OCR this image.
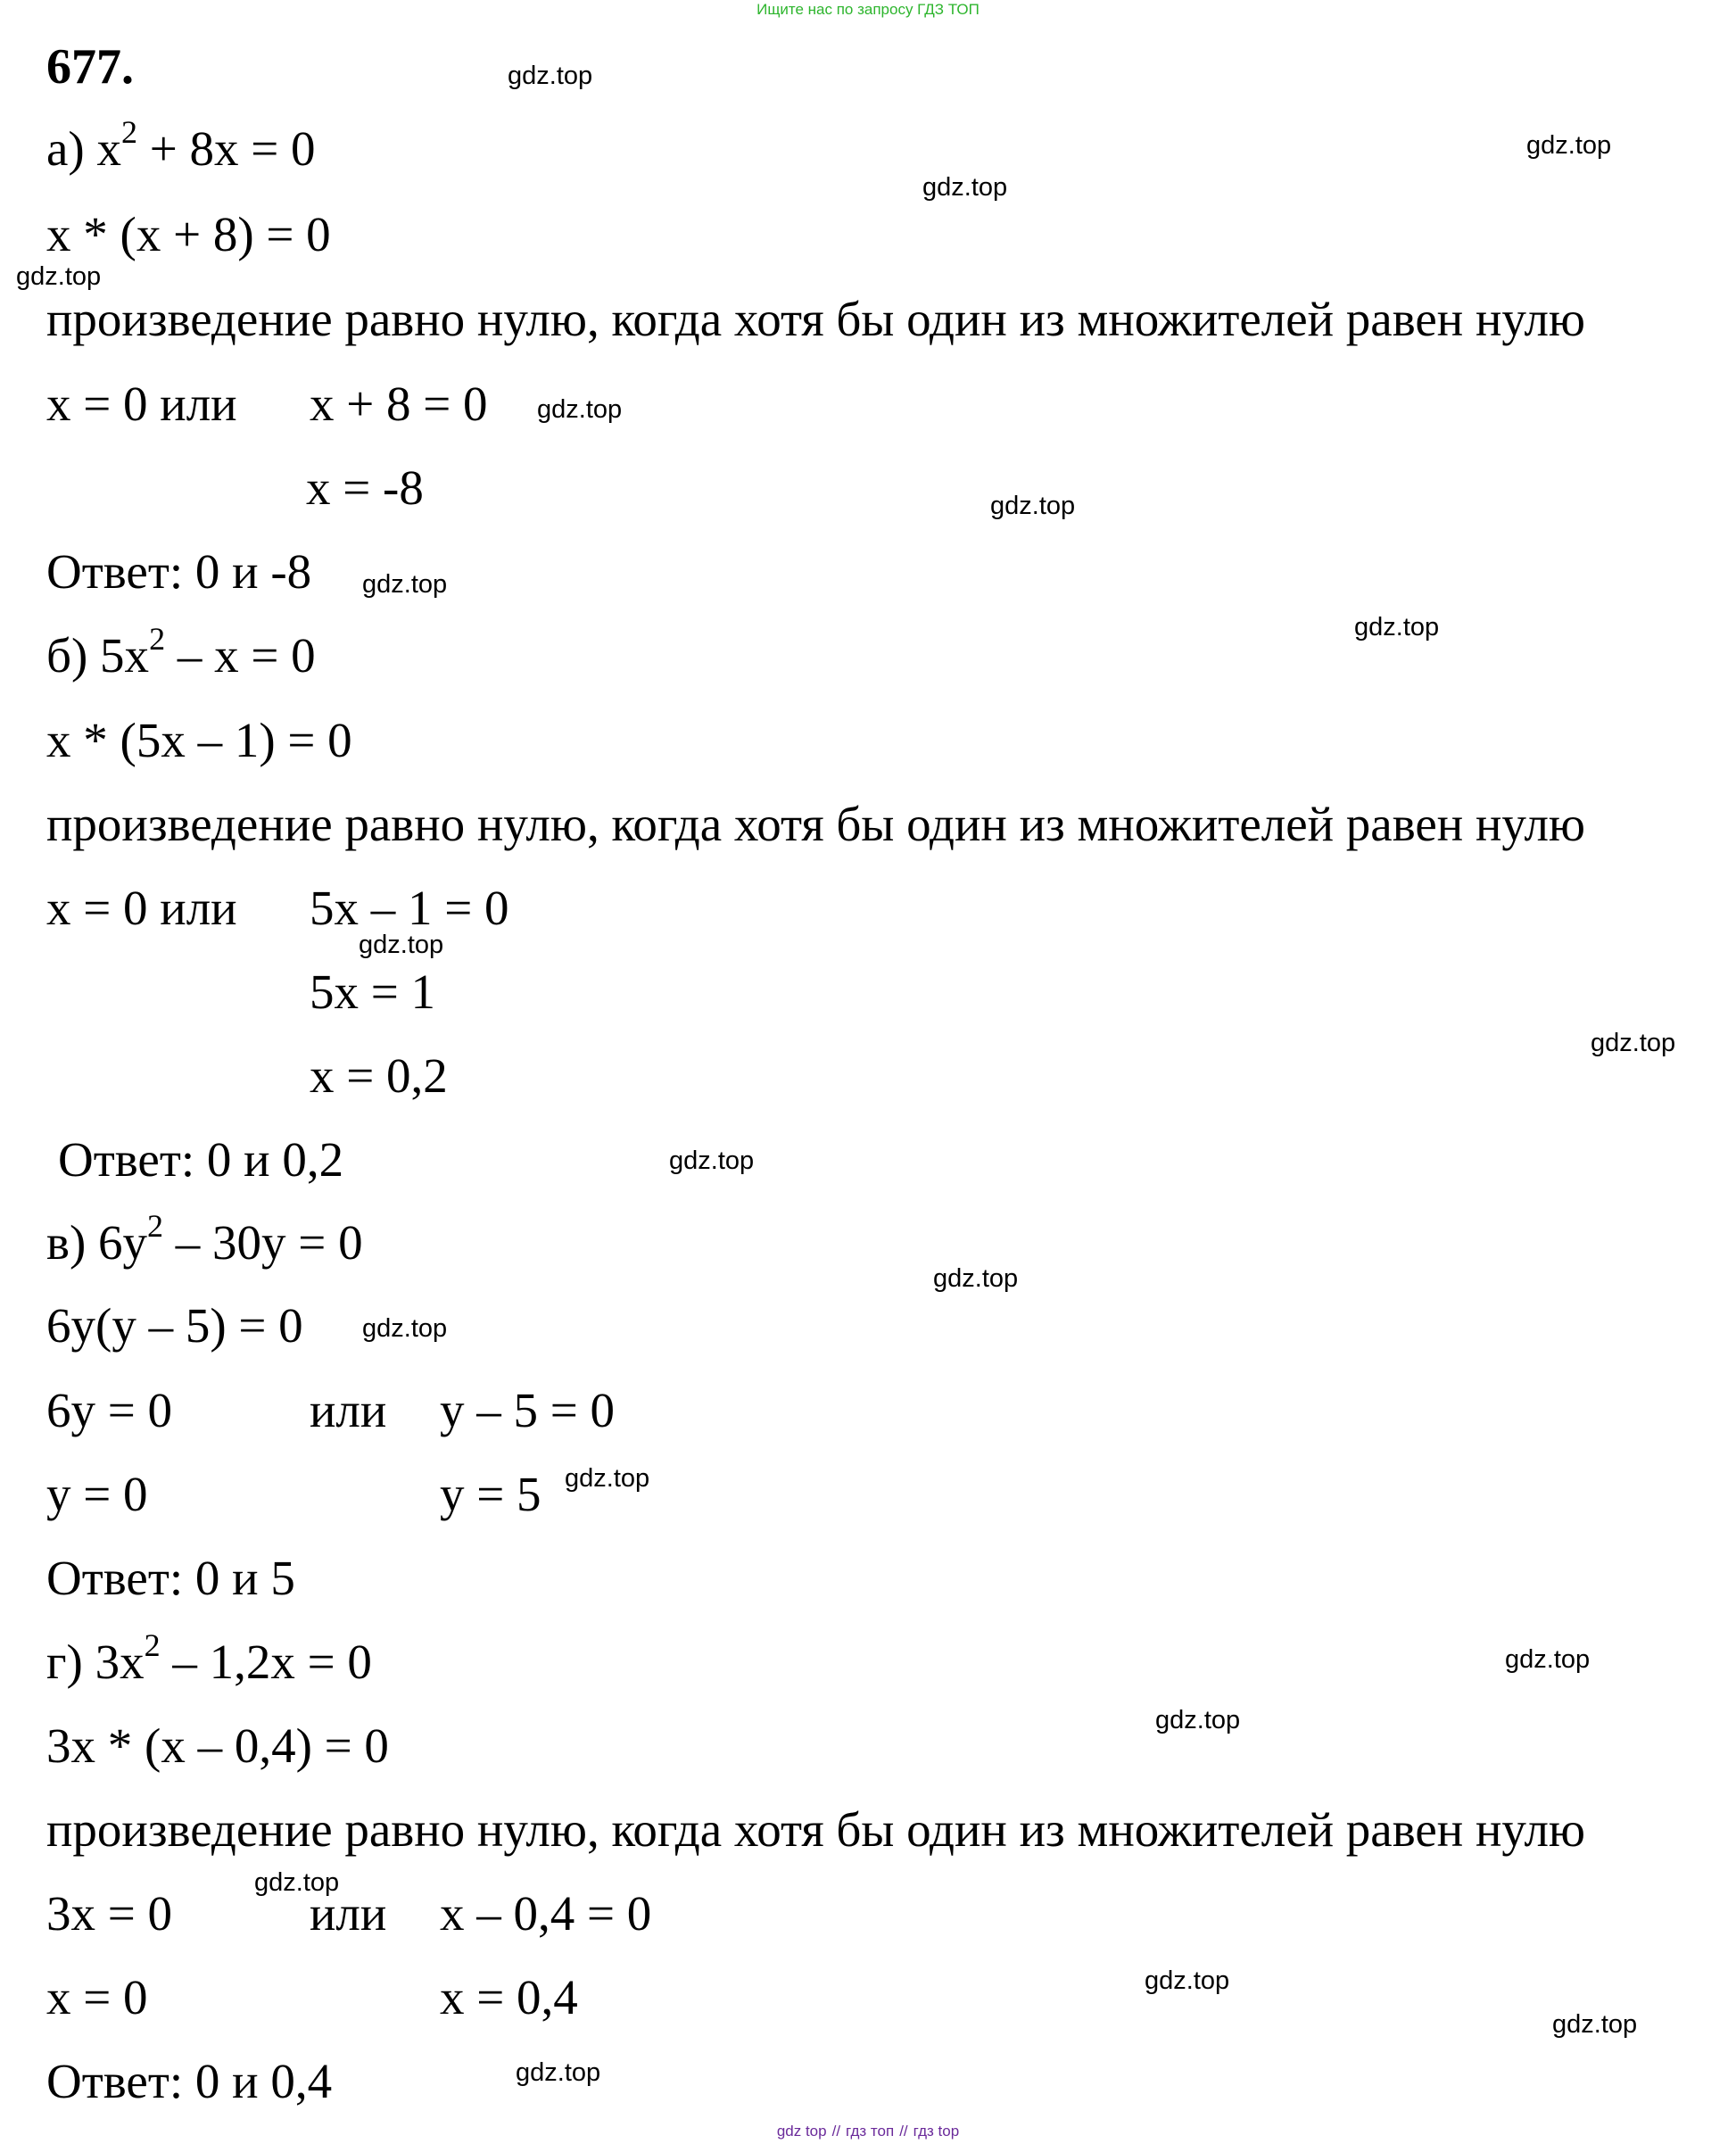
Ищите нас по запросу ГДЗ ТОП
677.
а) $x^2 + 8x = 0$
x * (x + 8) = 0
произведение равно нулю, когда хотя бы один из множителей равен нулю
x = 0 или x + 8 = 0
x = -8
Ответ: 0 и -8
б) $5x^2 - x = 0$
x * (5x – 1) = 0
произведение равно нулю, когда хотя бы один из множителей равен нулю
x = 0 или 5x – 1 = 0
5x = 1
x = 0,2
Ответ: 0 и 0,2
в) $6y^2 - 30y = 0$
6y(y – 5) = 0
6y = 0	или y – 5 = 0
y = 0	y = 5
Ответ: 0 и 5
г) $3x^2 - 1,2x = 0$
3x * (x – 0,4) = 0
произведение равно нулю, когда хотя бы один из множителей равен нулю
3x = 0	или x – 0,4 = 0
x = 0	x = 0,4
Ответ: 0 и 0,4
gdz.top
gdz.top
gdz.top
gdz.top
gdz.top
gdz.top
gdz.top
gdz.top
gdz.top
gdz.top
gdz.top
gdz.top
gdz.top
gdz.top
gdz.top
gdz.top
gdz.top
gdz.top
gdz.top
gdz.top
gdz top // гдз топ // гдз top
